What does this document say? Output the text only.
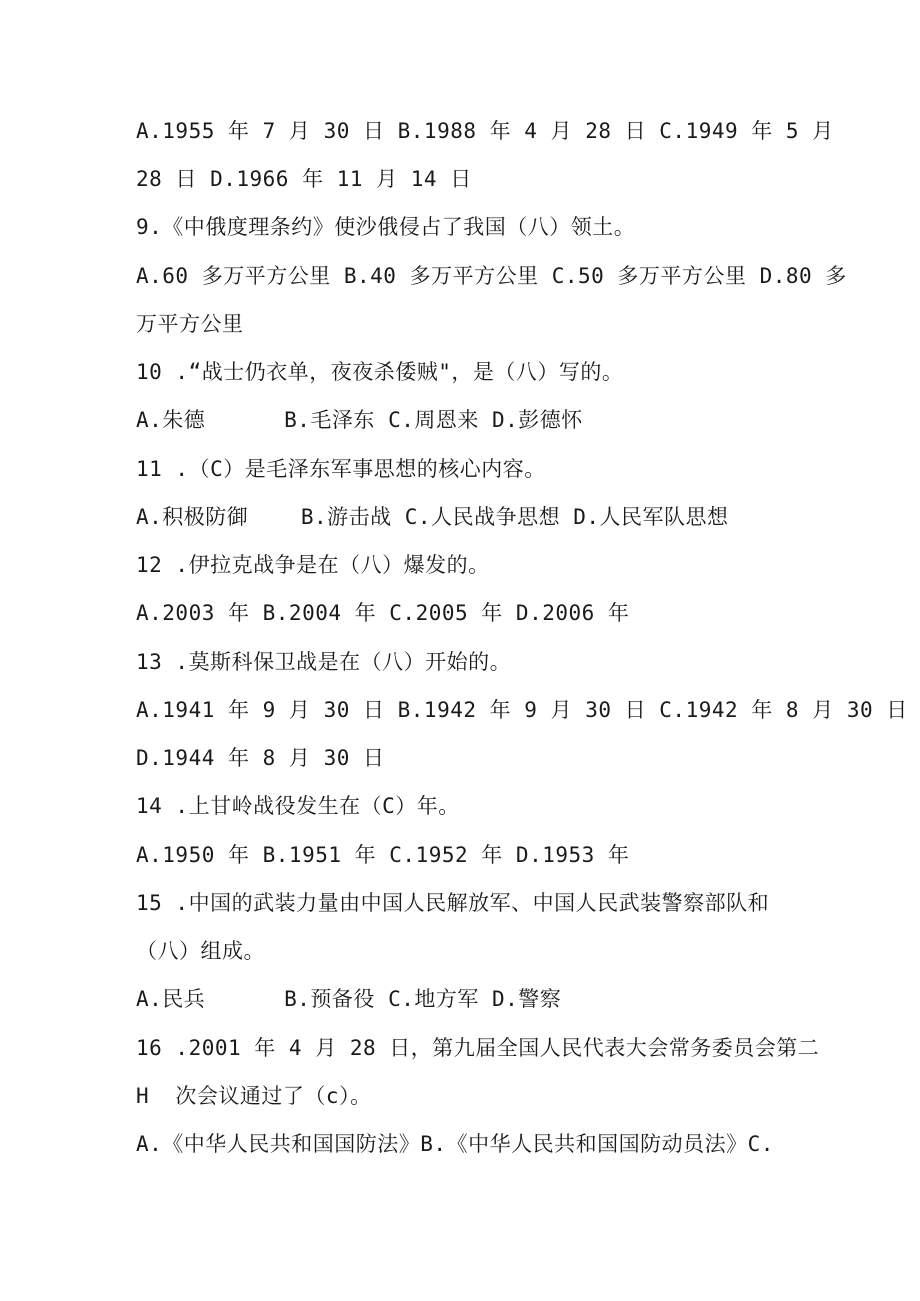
A.1955 年 7 月 30 日 B.1988 年 4 月 28 日 C.1949 年 5 月
28 日 D.1966 年 11 月 14 日
9.《中俄度理条约》使沙俄侵占了我国（八）领土。
A.60 多万平方公里 B.40 多万平方公里 C.50 多万平方公里 D.80 多
万平方公里
10 .“战士仍衣单，夜夜杀倭贼"，是（八）写的。
A.朱德      B.毛泽东 C.周恩来 D.彭德怀
11 .（C）是毛泽东军事思想的核心内容。
A.积极防御    B.游击战 C.人民战争思想 D.人民军队思想
12 .伊拉克战争是在（八）爆发的。
A.2003 年 B.2004 年 C.2005 年 D.2006 年
13 .莫斯科保卫战是在（八）开始的。
A.1941 年 9 月 30 日 B.1942 年 9 月 30 日 C.1942 年 8 月 30 日
D.1944 年 8 月 30 日
14 .上甘岭战役发生在（C）年。
A.1950 年 B.1951 年 C.1952 年 D.1953 年
15 .中国的武装力量由中国人民解放军、中国人民武装警察部队和
（八）组成。
A.民兵      B.预备役 C.地方军 D.警察
16 .2001 年 4 月 28 日，第九届全国人民代表大会常务委员会第二
H  次会议通过了（c）。
A.《中华人民共和国国防法》B.《中华人民共和国国防动员法》C.
